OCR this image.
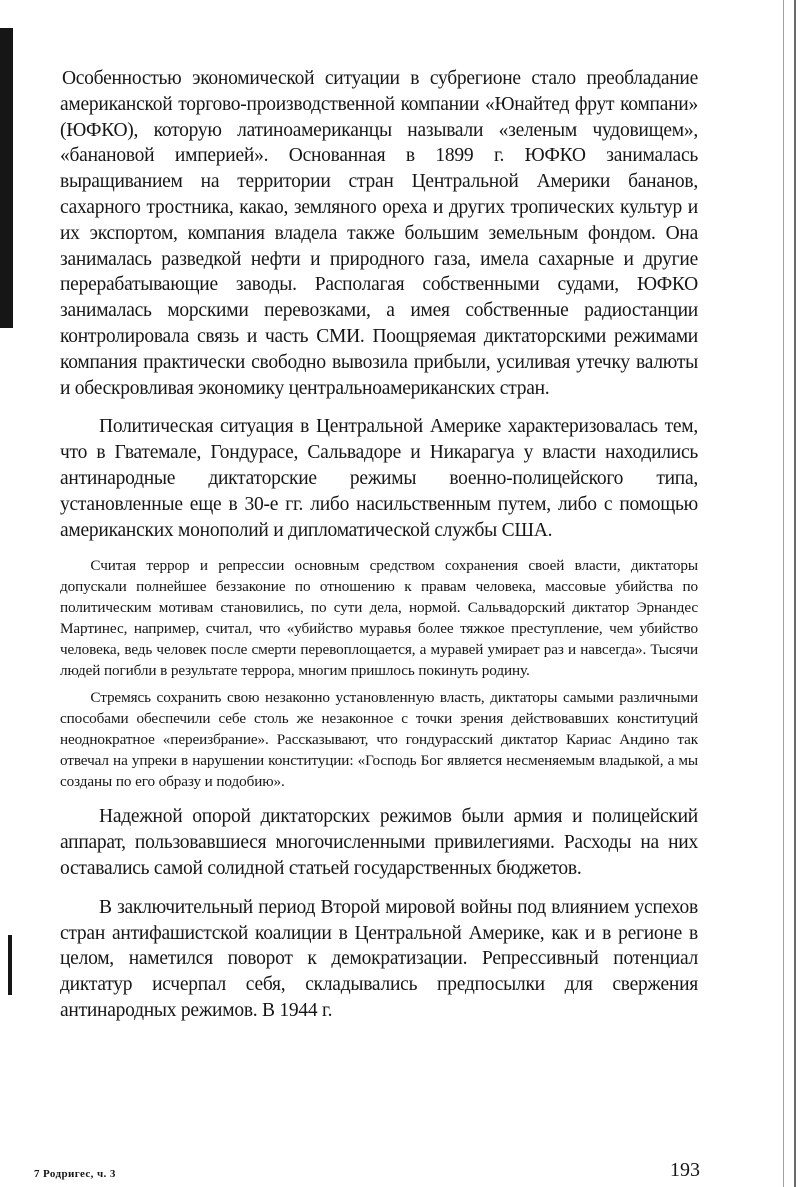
Особенностью экономической ситуации в субрегионе стало преобладание американской торгово-производственной компании «Юнайтед фрут компани» (ЮФКО), которую латиноамериканцы называли «зеленым чудовищем», «банановой империей». Основанная в 1899 г. ЮФКО занималась выращиванием на территории стран Центральной Америки бананов, сахарного тростника, какао, земляного ореха и других тропических культур и их экспортом, компания владела также большим земельным фондом. Она занималась разведкой нефти и природного газа, имела сахарные и другие перерабатывающие заводы. Располагая собственными судами, ЮФКО занималась морскими перевозками, а имея собственные радиостанции контролировала связь и часть СМИ. Поощряемая диктаторскими режимами компания практически свободно вывозила прибыли, усиливая утечку валюты и обескровливая экономику центральноамериканских стран.

Политическая ситуация в Центральной Америке характеризовалась тем, что в Гватемале, Гондурасе, Сальвадоре и Никарагуа у власти находились антинародные диктаторские режимы военно-полицейского типа, установленные еще в 30-е гг. либо насильственным путем, либо с помощью американских монополий и дипломатической службы США.

Считая террор и репрессии основным средством сохранения своей власти, диктаторы допускали полнейшее беззаконие по отношению к правам человека, массовые убийства по политическим мотивам становились, по сути дела, нормой. Сальвадорский диктатор Эрнандес Мартинес, например, считал, что «убийство муравья более тяжкое преступление, чем убийство человека, ведь человек после смерти перевоплощается, а муравей умирает раз и навсегда». Тысячи людей погибли в результате террора, многим пришлось покинуть родину.

Стремясь сохранить свою незаконно установленную власть, диктаторы самыми различными способами обеспечили себе столь же незаконное с точки зрения действовавших конституций неоднократное «переизбрание». Рассказывают, что гондурасский диктатор Кариас Андино так отвечал на упреки в нарушении конституции: «Господь Бог является несменяемым владыкой, а мы созданы по его образу и подобию».

Надежной опорой диктаторских режимов были армия и полицейский аппарат, пользовавшиеся многочисленными привилегиями. Расходы на них оставались самой солидной статьей государственных бюджетов.

В заключительный период Второй мировой войны под влиянием успехов стран антифашистской коалиции в Центральной Америке, как и в регионе в целом, наметился поворот к демократизации. Репрессивный потенциал диктатур исчерпал себя, складывались предпосылки для свержения антинародных режимов. В 1944 г.

7 Родригес, ч. 3	193
